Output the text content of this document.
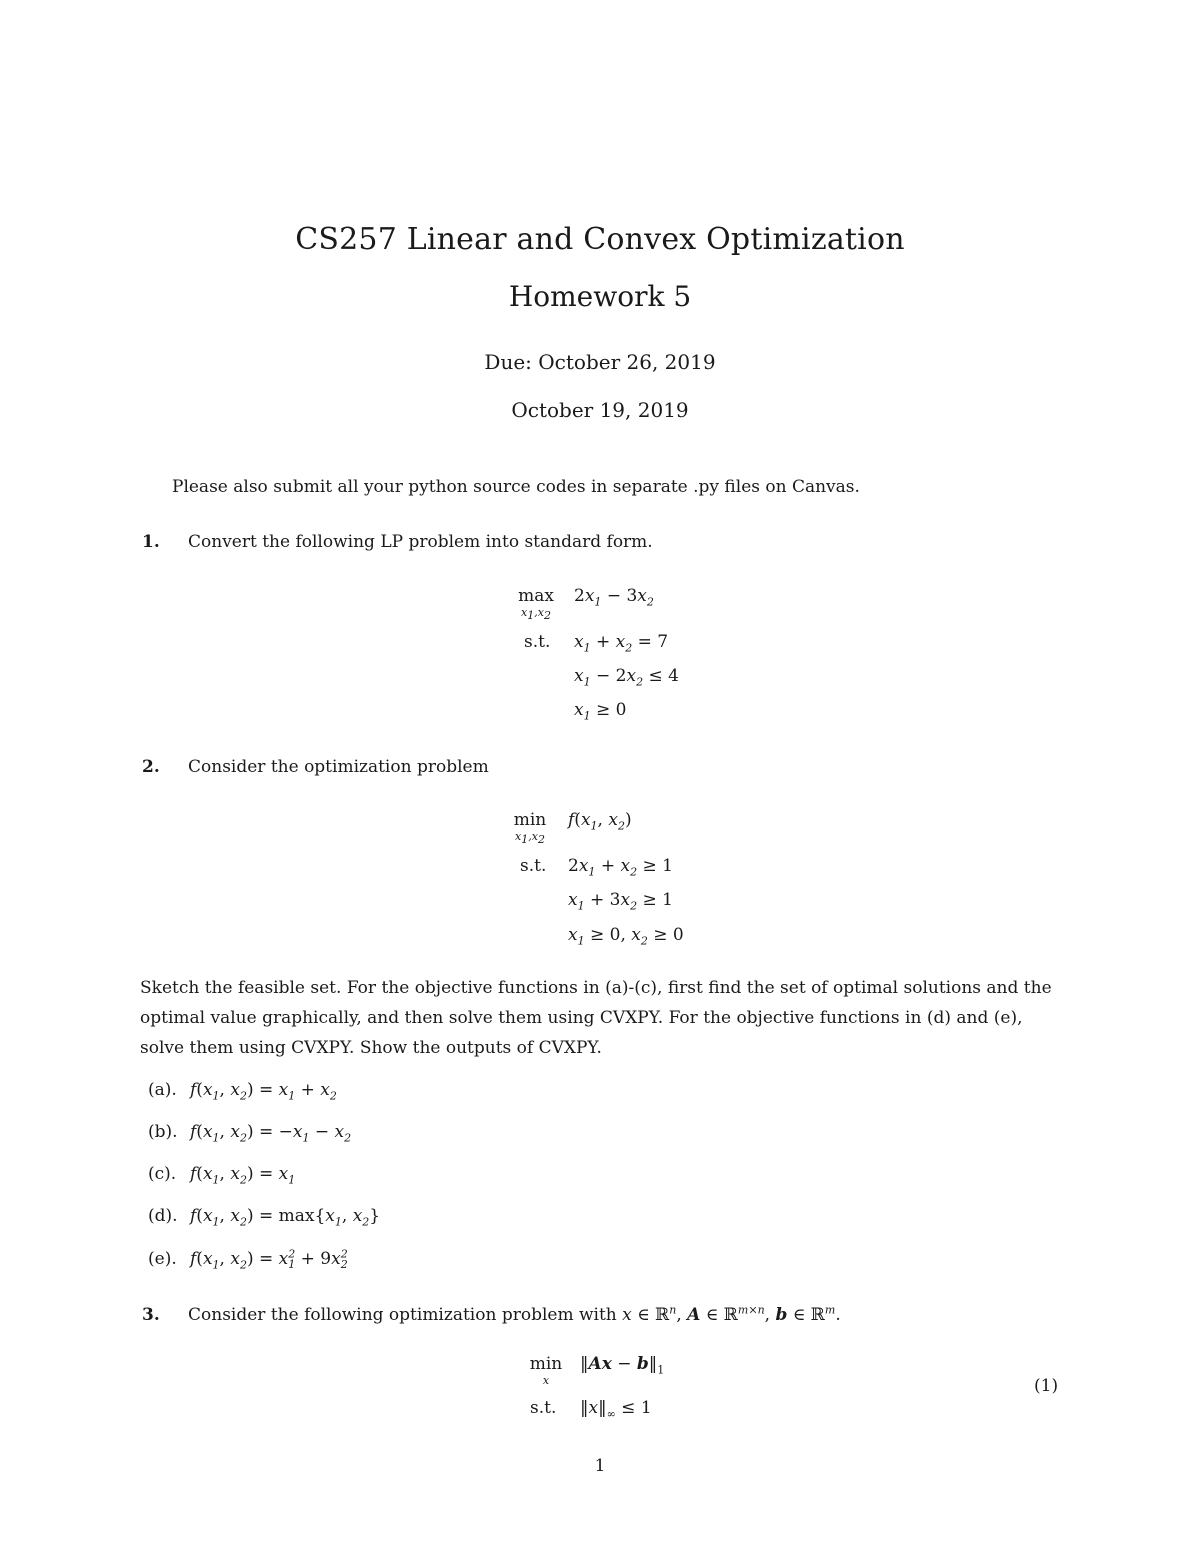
CS257 Linear and Convex Optimization
Homework 5
Due: October 26, 2019
October 19, 2019
Please also submit all your python source codes in separate .py files on Canvas.
1. Convert the following LP problem into standard form.
max
$x_1,x_2$
$2x_1 - 3x_2$
s.t. $x_1 + x_2 = 7$
$x_1 - 2x_2 \le 4$
$x_1 \ge 0$
2. Consider the optimization problem
min
$x_1,x_2$
$f(x_1$, $x_2$)
s.t. $2x_1 + x_2 \ge 1$
$x_1 + 3x_2 \ge 1$
$x_1 \ge 0$, $x_2 \ge 0$
Sketch the feasible set. For the objective functions in (a)-(c), first find the set of optimal solutions and the optimal value graphically, and then solve them using CVXPY. For the objective functions in (d) and (e), solve them using CVXPY. Show the outputs of CVXPY.
(a). $f(x_1$, $x_2) = x_1 + x_2$
(b). $f(x_1$, $x_2) = -x_1 - x_2$
(c). $f(x_1$, $x_2) = x_1$
(d). $f(x_1$, $x_2) = \max\{x_1$, $x_2$}
(e). $f(x_1$, $x_2) = x^2_1 + 9x^2_2$
3. Consider the following optimization problem with x ∈ ℝ$^n$, A ∈ ℝ$^{m\times n}$, b ∈ ℝ$^m$.
min
x
‖Ax − $b‖_1$
s.t. $‖x‖_\infty \le 1$
(1)
1
